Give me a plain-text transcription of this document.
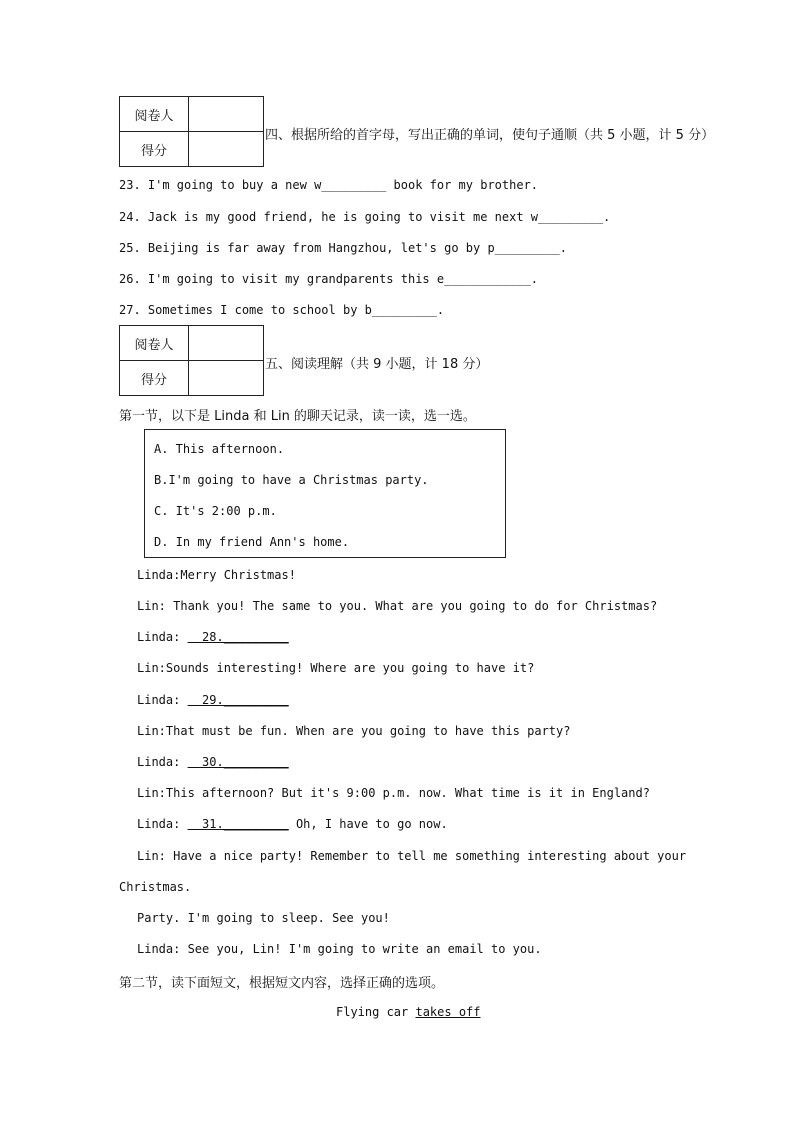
阅卷人	
得分	
四、根据所给的首字母，写出正确的单词，使句子通顺（共 5 小题，计 5 分）
23. I'm going to buy a new w_________ book for my brother.
24. Jack is my good friend, he is going to visit me next w_________.
25. Beijing is far away from Hangzhou, let's go by p_________.
26. I'm going to visit my grandparents this e____________.
27. Sometimes I come to school by b_________.
阅卷人	
得分	
五、阅读理解（共 9 小题，计 18 分）
第一节，以下是 Linda 和 Lin 的聊天记录，读一读，选一选。
A. This afternoon.
B.I'm going to have a Christmas party.
C. It's 2:00 p.m.
D. In my friend Ann's home.
Linda:Merry Christmas!
Lin: Thank you! The same to you. What are you going to do for Christmas?
Linda:   28._________
Lin:Sounds interesting! Where are you going to have it?
Linda:   29._________
Lin:That must be fun. When are you going to have this party?
Linda:   30._________
Lin:This afternoon? But it's 9:00 p.m. now. What time is it in England?
Linda:   31._________ Oh, I have to go now.
Lin: Have a nice party! Remember to tell me something interesting about your
Christmas.
Party. I'm going to sleep. See you!
Linda: See you, Lin! I'm going to write an email to you.
第二节，读下面短文，根据短文内容，选择正确的选项。
Flying car takes off
